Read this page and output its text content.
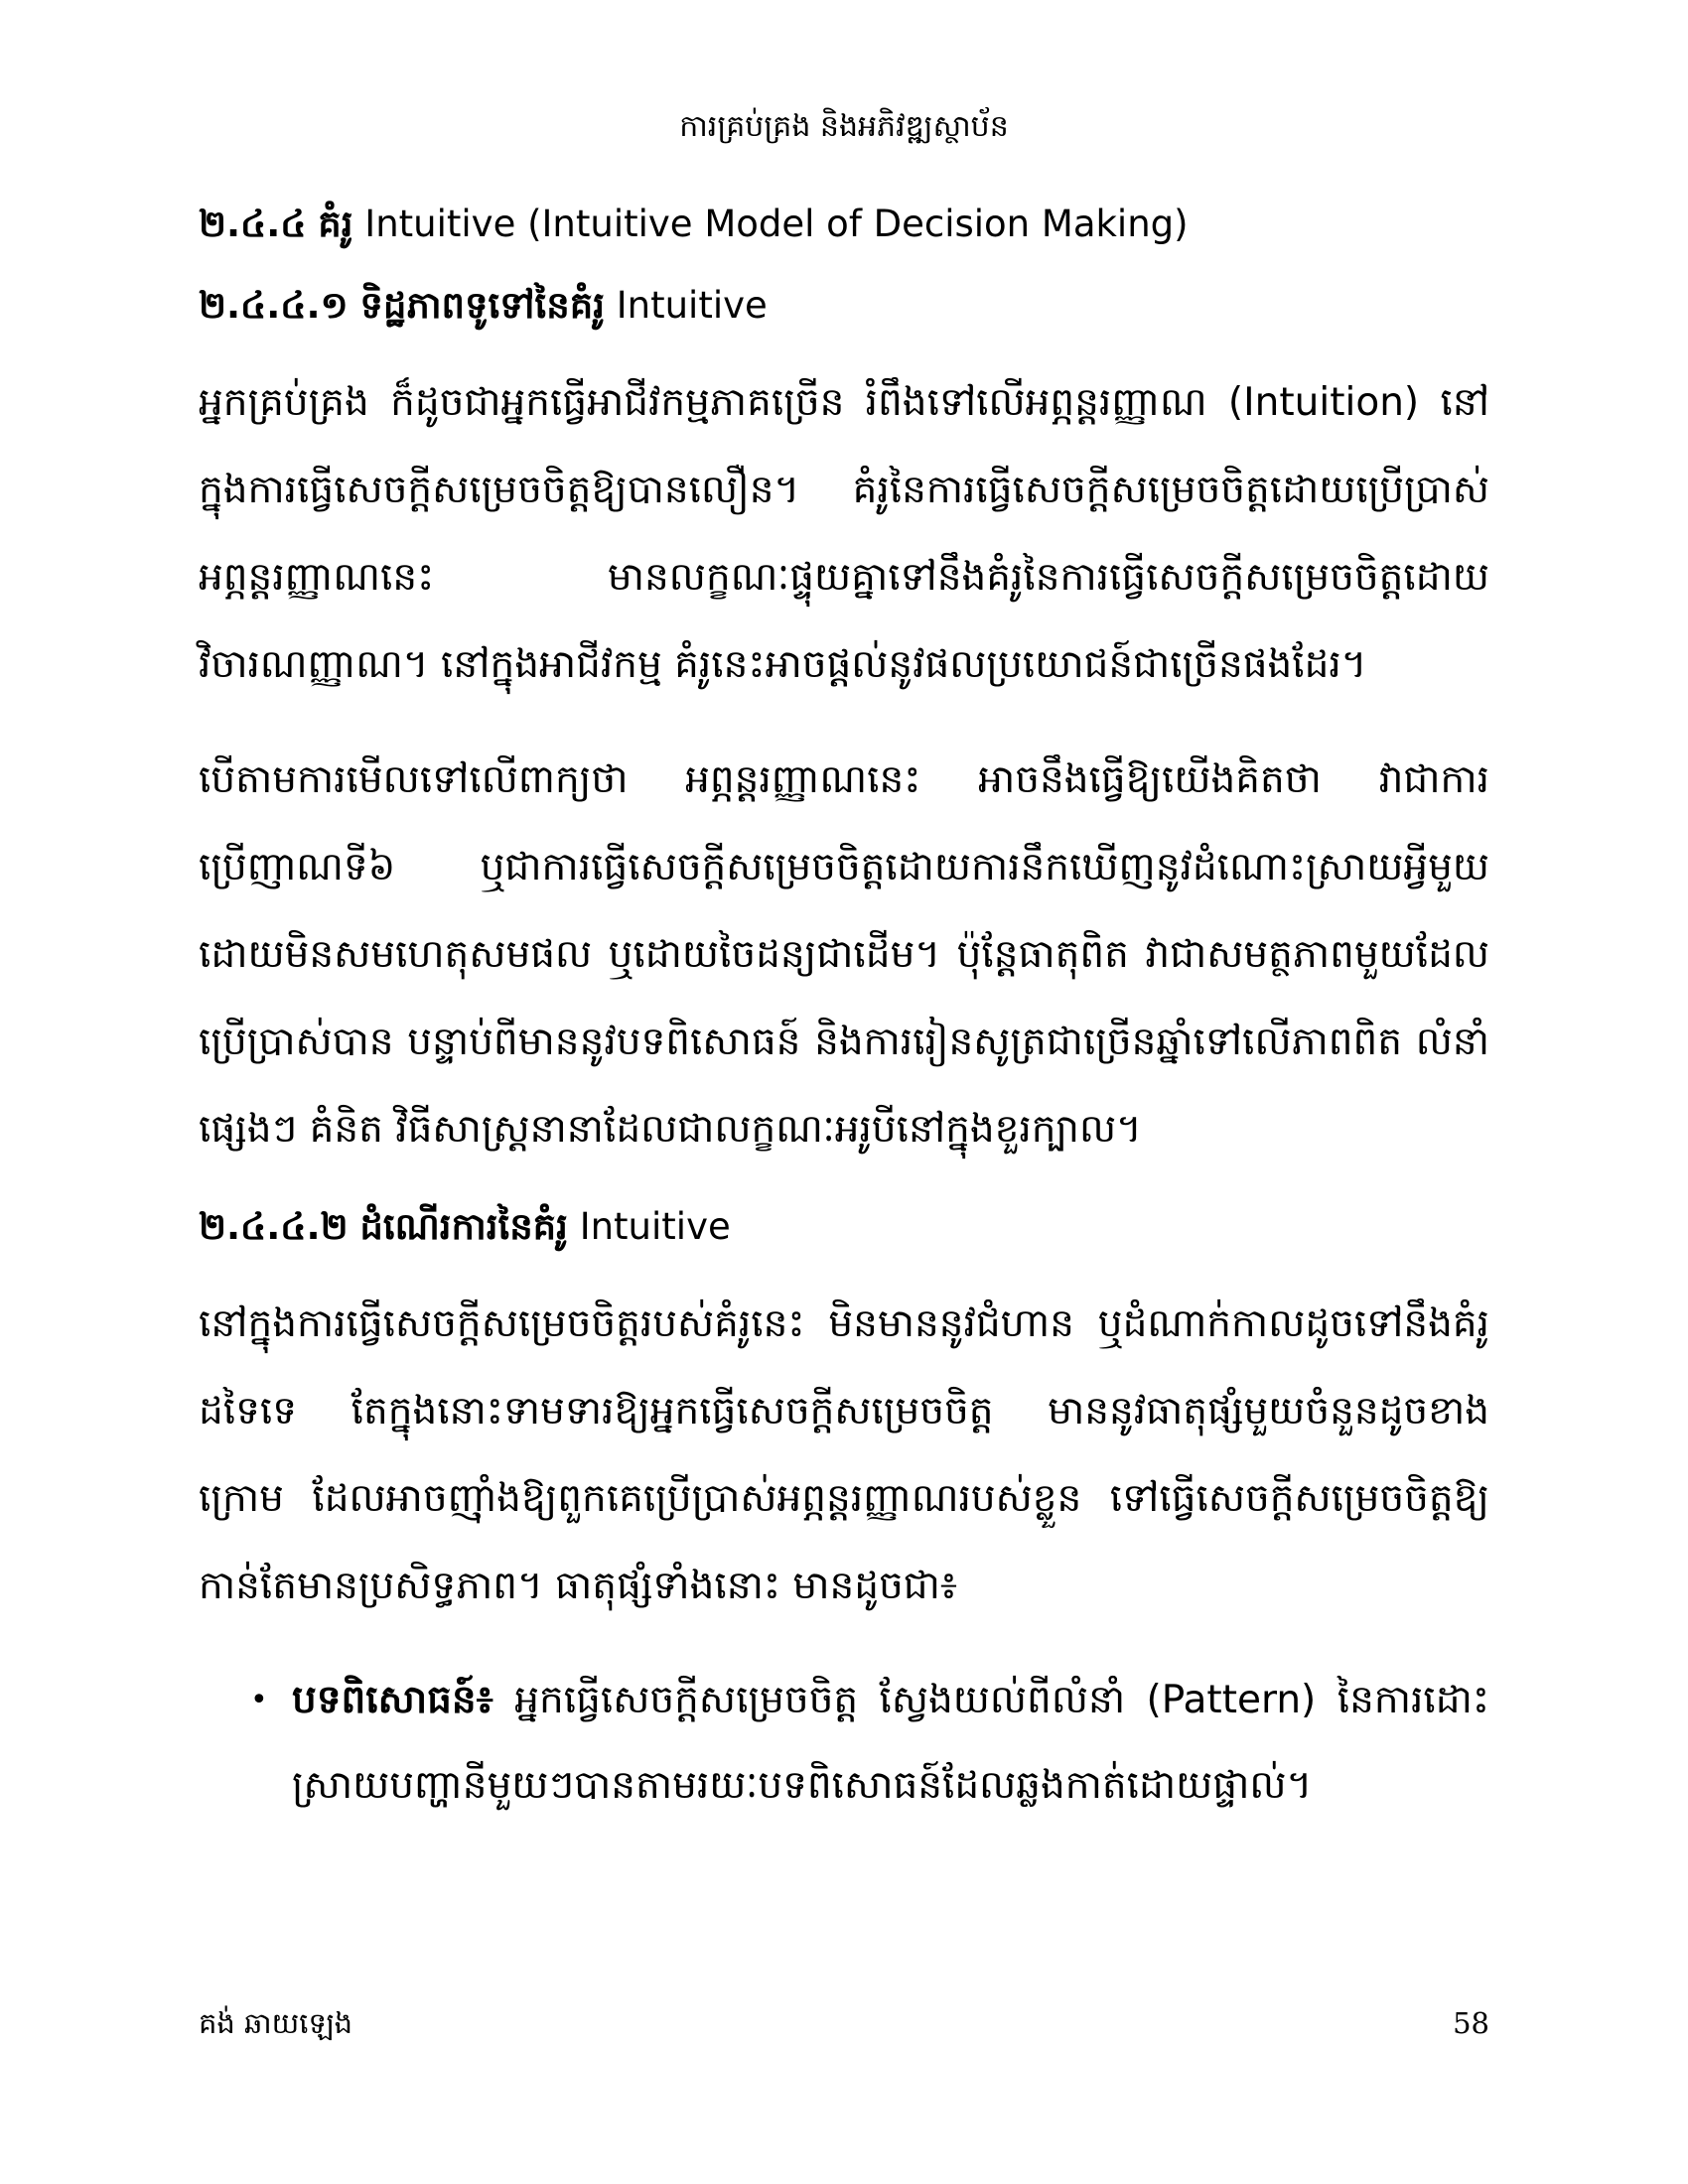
ការគ្រប់គ្រង និងអភិវឌ្ឍស្ថាប័ន
២.៤.៤ គំរូ Intuitive (Intuitive Model of Decision Making)
២.៤.៤.១ ទិដ្ឋភាពទូទៅនៃគំរូ Intuitive

អ្នកគ្រប់គ្រង ក៏ដូចជាអ្នកធ្វើអាជីវកម្មភាគច្រើន រំពឹងទៅលើអព្ភន្តរញ្ញាណ (Intuition) នៅក្នុងការធ្វើសេចក្តីសម្រេចចិត្តឱ្យបានលឿន។ គំរូនៃការធ្វើសេចក្តីសម្រេចចិត្តដោយប្រើប្រាស់អព្ភន្តរញ្ញាណនេះ មានលក្ខណៈផ្ទុយគ្នាទៅនឹងគំរូនៃការធ្វើសេចក្តីសម្រេចចិត្តដោយវិចារណញ្ញាណ។ នៅក្នុងអាជីវកម្ម គំរូនេះអាចផ្តល់នូវផលប្រយោជន៍ជាច្រើនផងដែរ។

បើតាមការមើលទៅលើពាក្យថា អព្ភន្តរញ្ញាណនេះ អាចនឹងធ្វើឱ្យយើងគិតថា វាជាការប្រើញាណទី៦ ឬជាការធ្វើសេចក្តីសម្រេចចិត្តដោយការនឹកឃើញនូវដំណោះស្រាយអ្វីមួយដោយមិនសមហេតុសមផល ឬដោយចៃដន្យជាដើម។ ប៉ុន្តែធាតុពិត វាជាសមត្ថភាពមួយដែលប្រើប្រាស់បាន បន្ទាប់ពីមាននូវបទពិសោធន៍ និងការរៀនសូត្រជាច្រើនឆ្នាំទៅលើភាពពិត លំនាំផ្សេងៗ គំនិត វិធីសាស្ត្រនានាដែលជាលក្ខណៈអរូបីនៅក្នុងខួរក្បាល។

២.៤.៤.២ ដំណើរការនៃគំរូ Intuitive

នៅក្នុងការធ្វើសេចក្តីសម្រេចចិត្តរបស់គំរូនេះ មិនមាននូវជំហាន ឬដំណាក់កាលដូចទៅនឹងគំរូដទៃទេ តែក្នុងនោះទាមទារឱ្យអ្នកធ្វើសេចក្តីសម្រេចចិត្ត មាននូវធាតុផ្សំមួយចំនួនដូចខាងក្រោម ដែលអាចញ៉ាំងឱ្យពួកគេប្រើប្រាស់អព្ភន្តរញ្ញាណរបស់ខ្លួន ទៅធ្វើសេចក្តីសម្រេចចិត្តឱ្យកាន់តែមានប្រសិទ្ធភាព។ ធាតុផ្សំទាំងនោះ មានដូចជា៖

• បទពិសោធន៍៖ អ្នកធ្វើសេចក្តីសម្រេចចិត្ត ស្វែងយល់ពីលំនាំ (Pattern) នៃការដោះស្រាយបញ្ហានីមួយៗបានតាមរយៈបទពិសោធន៍ដែលឆ្លងកាត់ដោយផ្ទាល់។
គង់ ឆាយឡេង	58
